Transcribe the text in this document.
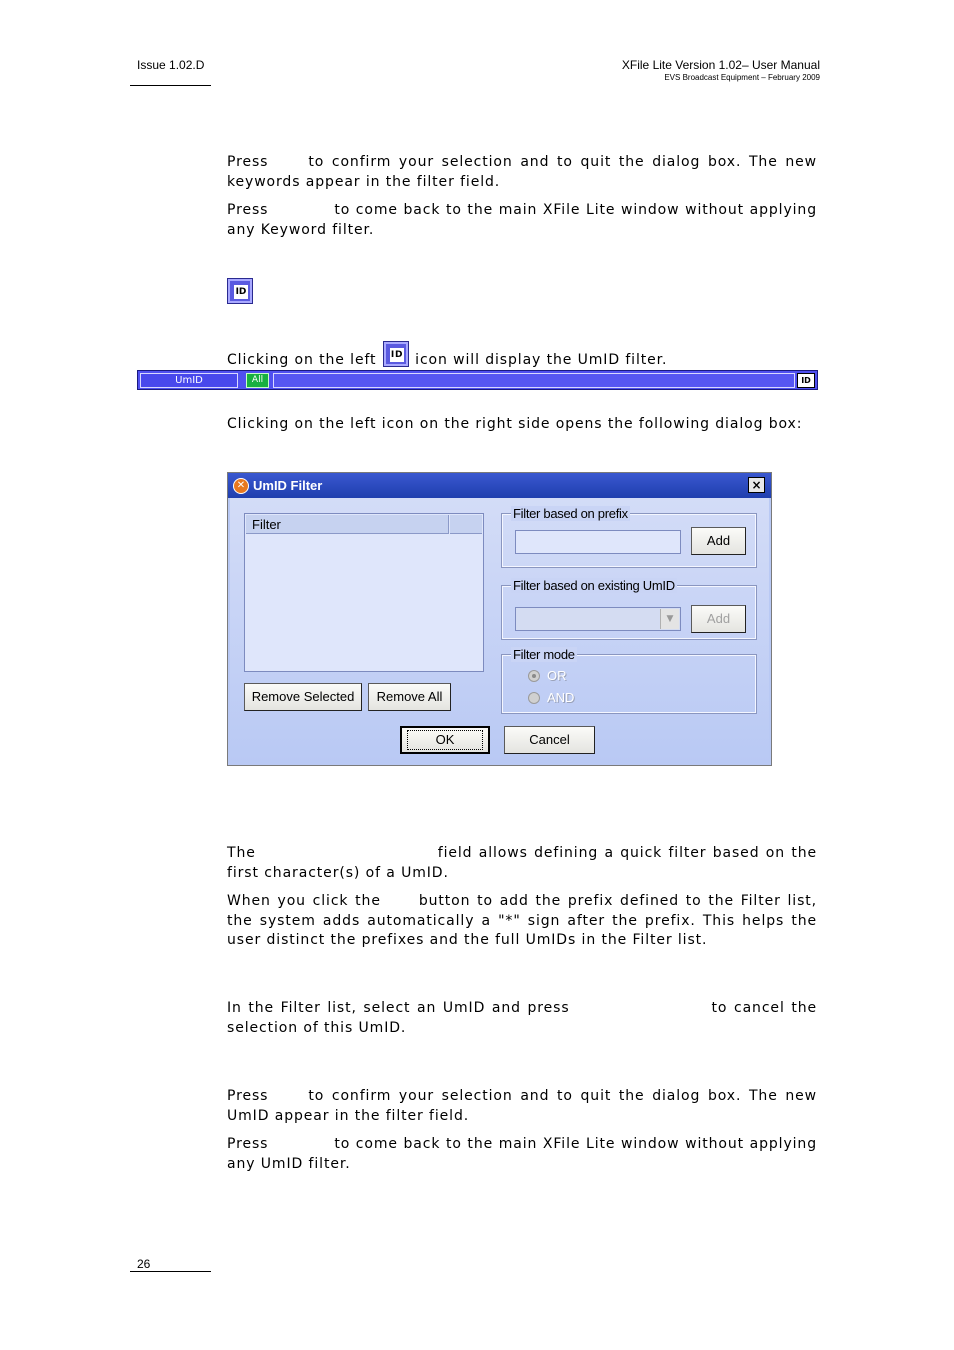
Issue 1.02.D	XFile Lite Version 1.02– User Manual
EVS Broadcast Equipment – February 2009
Press	to confirm your selection and to quit the dialog box. The new keywords appear in the filter field.
Press	to come back to the main XFile Lite window without applying any Keyword filter.
ID
Clicking on the left ID icon will display the UmID filter.
UmID	All	ID
Clicking on the left icon on the right side opens the following dialog box:
✕ UmID Filter	×
Filter
Remove Selected	Remove All
Filter based on prefix
Add
Filter based on existing UmID
▼	Add
Filter mode
OR
AND
OK	Cancel
The	field allows defining a quick filter based on the first character(s) of a UmID.
When you click the	button to add the prefix defined to the Filter list, the system adds automatically a "*" sign after the prefix. This helps the user distinct the prefixes and the full UmIDs in the Filter list.
In the Filter list, select an UmID and press	to cancel the selection of this UmID.
Press	to confirm your selection and to quit the dialog box. The new UmID appear in the filter field.
Press	to come back to the main XFile Lite window without applying any UmID filter.
26
